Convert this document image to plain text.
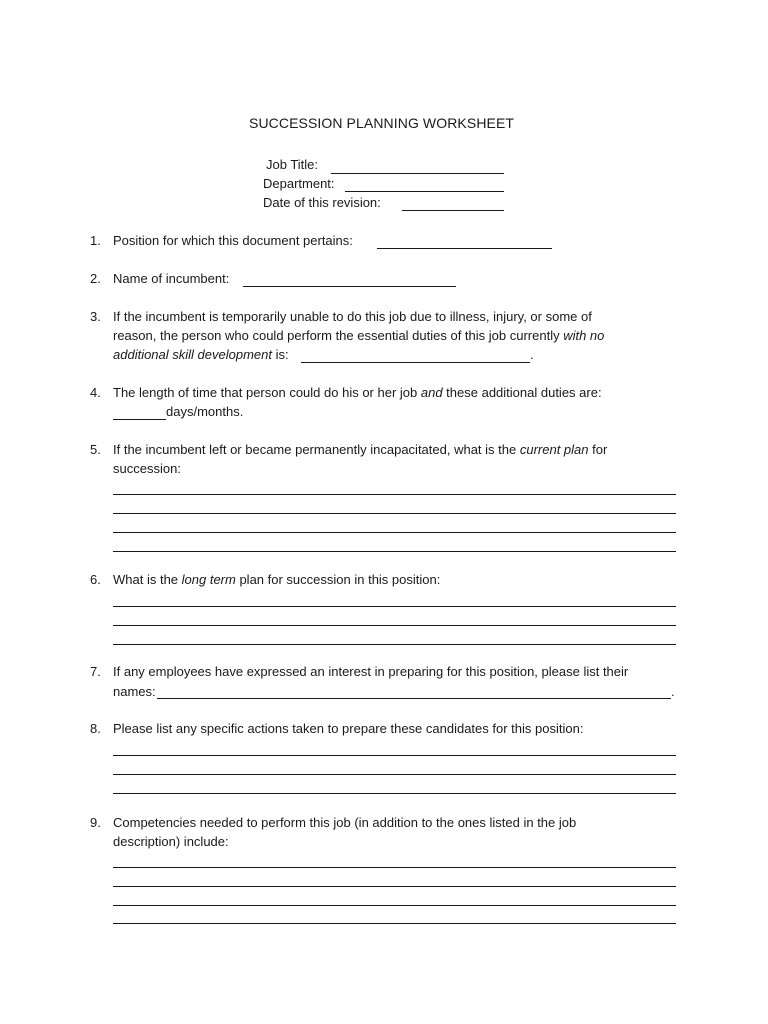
SUCCESSION PLANNING WORKSHEET
Job Title:
Department:
Date of this revision:
1. Position for which this document pertains:
2. Name of incumbent:
3. If the incumbent is temporarily unable to do this job due to illness, injury, or some of
reason, the person who could perform the essential duties of this job currently with no
additional skill development is:	.
4. The length of time that person could do his or her job and these additional duties are:
days/months.
5. If the incumbent left or became permanently incapacitated, what is the current plan for
succession:
6. What is the long term plan for succession in this position:
7. If any employees have expressed an interest in preparing for this position, please list their
names:	.
8. Please list any specific actions taken to prepare these candidates for this position:
9. Competencies needed to perform this job (in addition to the ones listed in the job
description) include:
